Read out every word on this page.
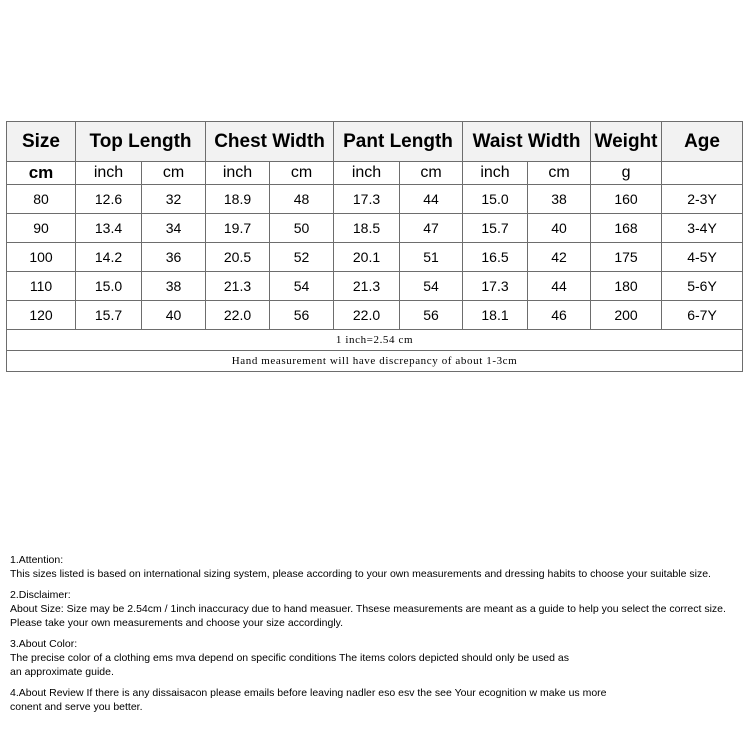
Size	Top Length		Chest Width		Pant Length		Waist Width		Weight	Age
cm	inch	cm	inch	cm	inch	cm	inch	cm	g	
80	12.6	32	18.9	48	17.3	44	15.0	38	160	2-3Y
90	13.4	34	19.7	50	18.5	47	15.7	40	168	3-4Y
100	14.2	36	20.5	52	20.1	51	16.5	42	175	4-5Y
110	15.0	38	21.3	54	21.3	54	17.3	44	180	5-6Y
120	15.7	40	22.0	56	22.0	56	18.1	46	200	6-7Y
1 inch=2.54 cm										
Hand measurement will have discrepancy of about 1-3cm										

1.Attention:

This sizes listed is based on international sizing system, please according to your own measurements and dressing habits to choose your suitable size.

2.Disclaimer:

About Size: Size may be 2.54cm / 1inch inaccuracy due to hand measuer. Thsese measurements are meant as a guide to help you select the correct size.

Please take your own measurements and choose your size accordingly.

3.About Color:

The precise color of a clothing ems mva depend on specific conditions The items colors depicted should only be used as

an approximate guide.

4.About Review If there is any dissaisacon please emails before leaving nadler eso esv the see Your ecognition w make us more

conent and serve you better.
